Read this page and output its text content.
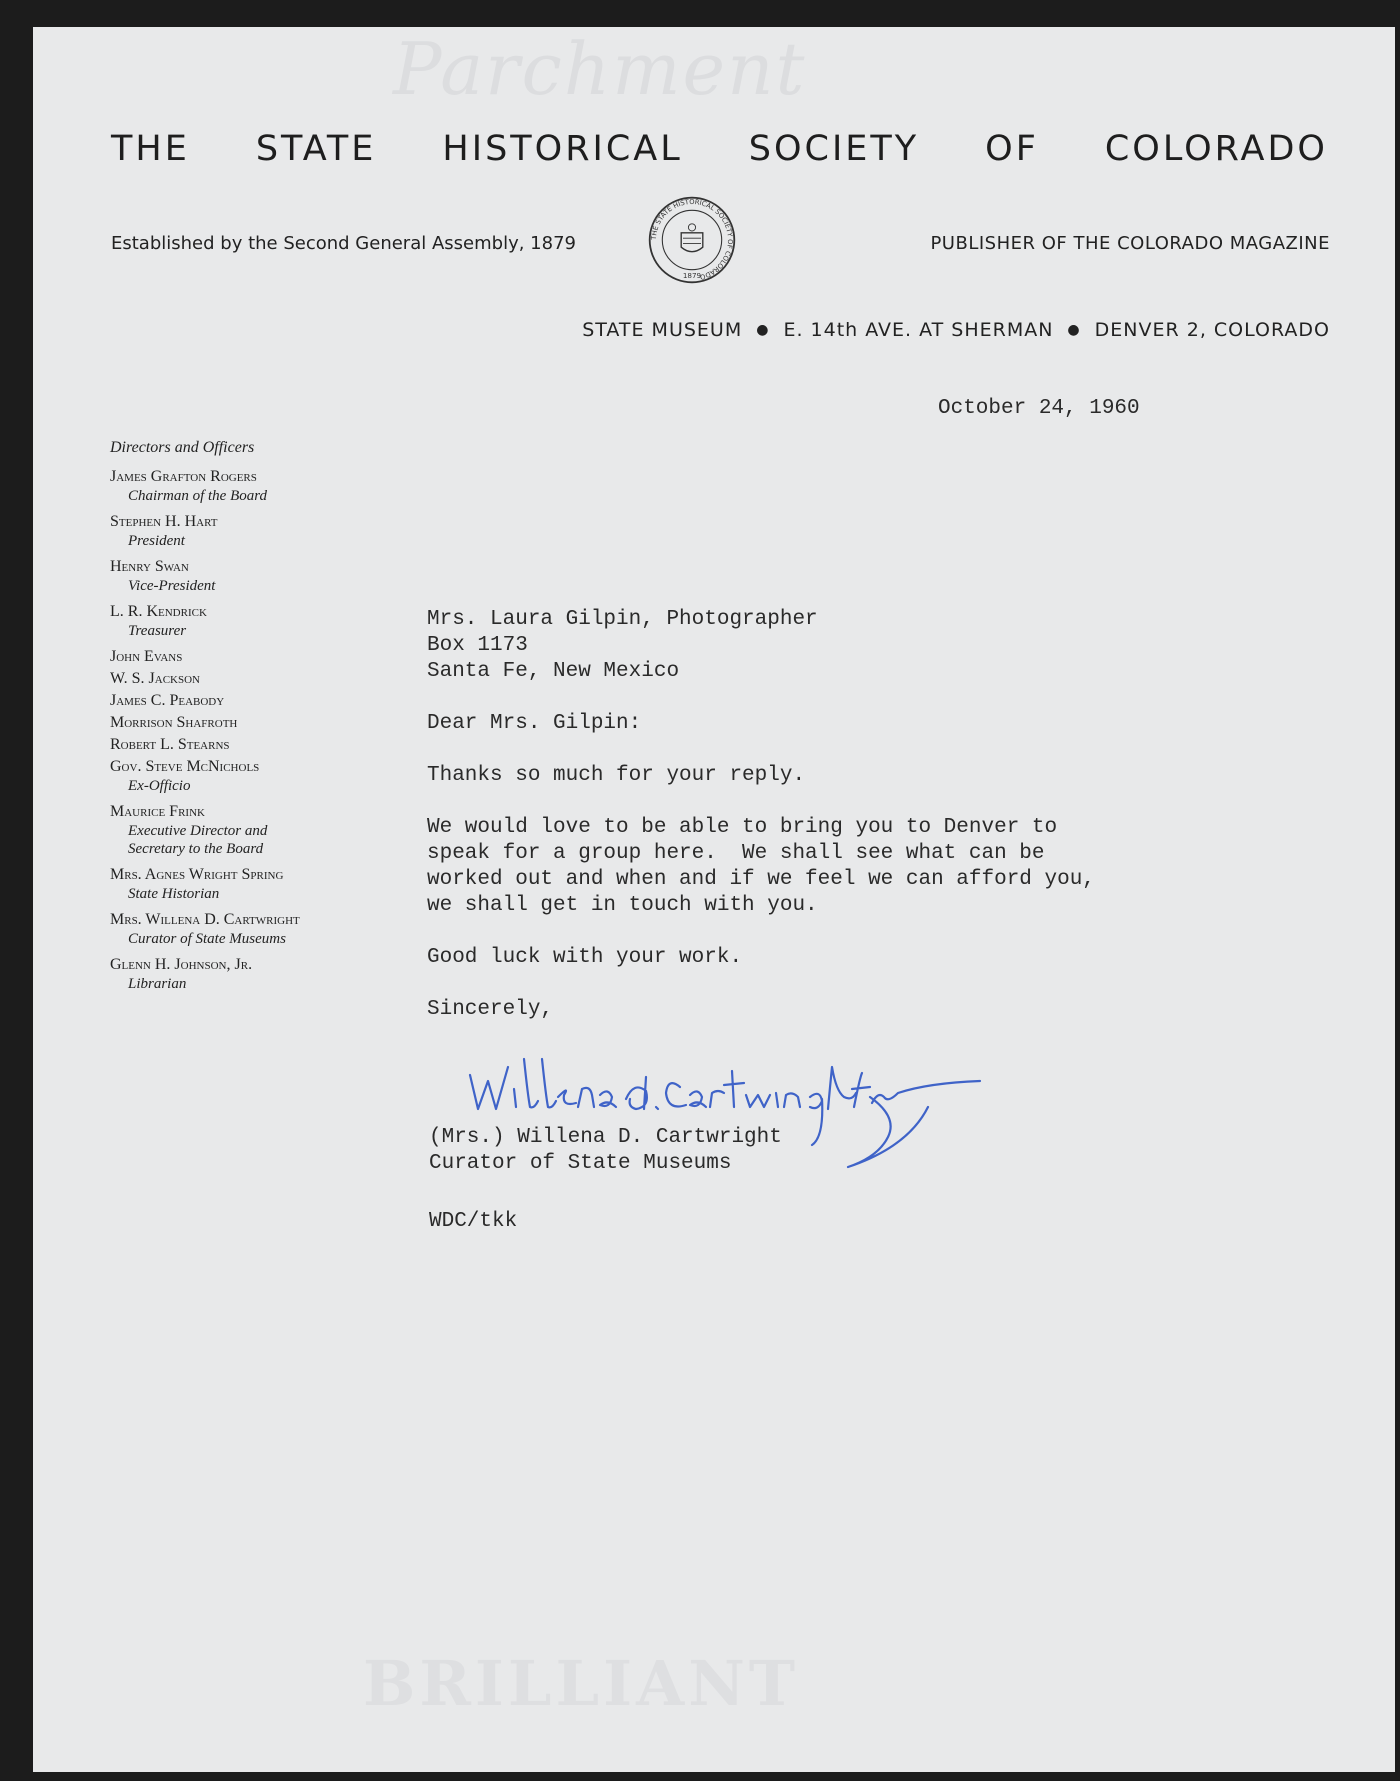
Parchment
BRILLIANT
THE STATE HISTORICAL SOCIETY OF COLORADO
Established by the Second General Assembly, 1879	PUBLISHER OF THE COLORADO MAGAZINE
THE STATE HISTORICAL SOCIETY OF COLORADO
1879
STATE MUSEUM ● E. 14th AVE. AT SHERMAN ● DENVER 2, COLORADO
October 24, 1960
Directors and Officers
James Grafton Rogers
Chairman of the Board
Stephen H. Hart
President
Henry Swan
Vice-President
L. R. Kendrick
Treasurer
John Evans
W. S. Jackson
James C. Peabody
Morrison Shafroth
Robert L. Stearns
Gov. Steve McNichols
Ex-Officio
Maurice Frink
Executive Director and
Secretary to the Board
Mrs. Agnes Wright Spring
State Historian
Mrs. Willena D. Cartwright
Curator of State Museums
Glenn H. Johnson, Jr.
Librarian
Mrs. Laura Gilpin, Photographer
Box 1173
Santa Fe, New Mexico
Dear Mrs. Gilpin:
Thanks so much for your reply.
We would love to be able to bring you to Denver to
speak for a group here.  We shall see what can be
worked out and when and if we feel we can afford you,
we shall get in touch with you.
Good luck with your work.
Sincerely,
(Mrs.) Willena D. Cartwright
Curator of State Museums
WDC/tkk
